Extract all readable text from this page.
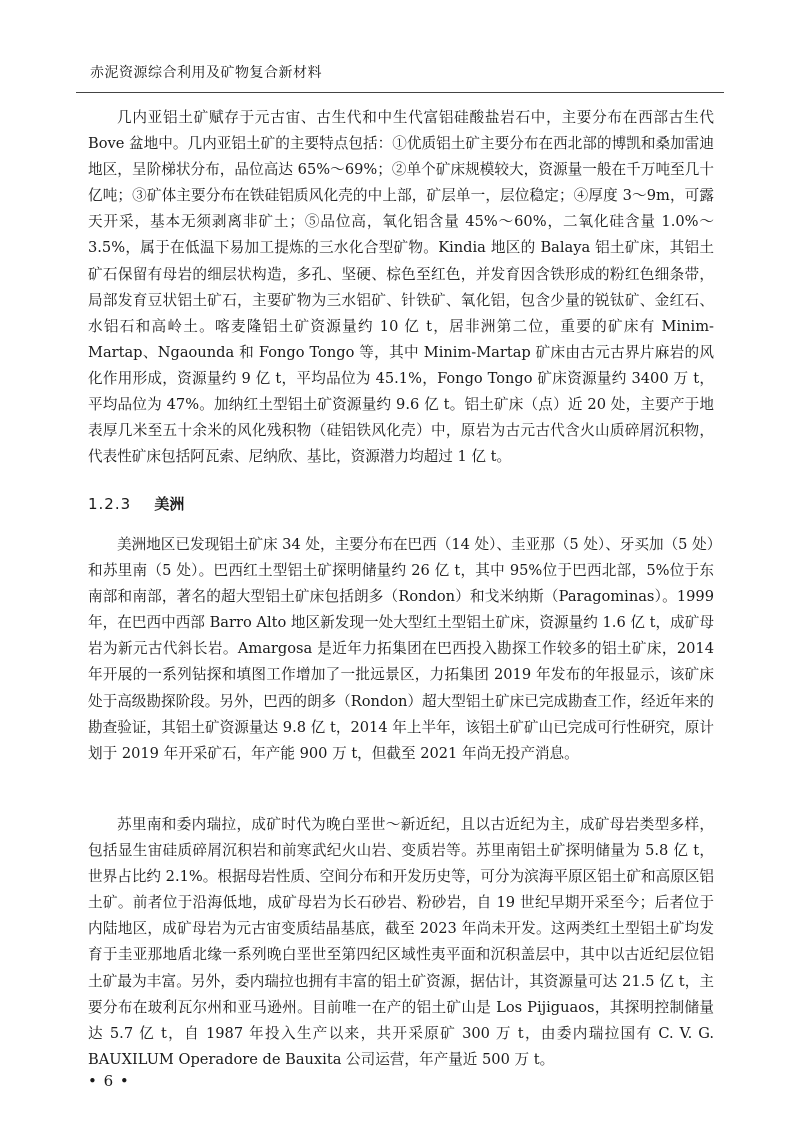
赤泥资源综合利用及矿物复合新材料

几内亚铝土矿赋存于元古宙、古生代和中生代富铝硅酸盐岩石中，主要分布在西部古生代 Bove 盆地中。几内亚铝土矿的主要特点包括：①优质铝土矿主要分布在西北部的博凯和桑加雷迪地区，呈阶梯状分布，品位高达 65%～69%；②单个矿床规模较大，资源量一般在千万吨至几十亿吨；③矿体主要分布在铁硅铝质风化壳的中上部，矿层单一，层位稳定；④厚度 3～9m，可露天开采，基本无须剥离非矿土；⑤品位高，氧化铝含量 45%～60%，二氧化硅含量 1.0%～3.5%，属于在低温下易加工提炼的三水化合型矿物。Kindia 地区的 Balaya 铝土矿床，其铝土矿石保留有母岩的细层状构造，多孔、坚硬、棕色至红色，并发育因含铁形成的粉红色细条带，局部发育豆状铝土矿石，主要矿物为三水铝矿、针铁矿、氧化铝，包含少量的锐钛矿、金红石、水铝石和高岭土。喀麦隆铝土矿资源量约 10 亿 t，居非洲第二位，重要的矿床有 Minim-Martap、Ngaounda 和 Fongo Tongo 等，其中 Minim-Martap 矿床由古元古界片麻岩的风化作用形成，资源量约 9 亿 t，平均品位为 45.1%，Fongo Tongo 矿床资源量约 3400 万 t，平均品位为 47%。加纳红土型铝土矿资源量约 9.6 亿 t。铝土矿床（点）近 20 处，主要产于地表厚几米至五十余米的风化残积物（硅铝铁风化壳）中，原岩为古元古代含火山质碎屑沉积物，代表性矿床包括阿瓦索、尼纳欣、基比，资源潜力均超过 1 亿 t。

1.2.3 美洲

美洲地区已发现铝土矿床 34 处，主要分布在巴西（14 处）、圭亚那（5 处）、牙买加（5 处）和苏里南（5 处）。巴西红土型铝土矿探明储量约 26 亿 t，其中 95%位于巴西北部，5%位于东南部和南部，著名的超大型铝土矿床包括朗多（Rondon）和戈米纳斯（Paragominas）。1999 年，在巴西中西部 Barro Alto 地区新发现一处大型红土型铝土矿床，资源量约 1.6 亿 t，成矿母岩为新元古代斜长岩。Amargosa 是近年力拓集团在巴西投入勘探工作较多的铝土矿床，2014 年开展的一系列钻探和填图工作增加了一批远景区，力拓集团 2019 年发布的年报显示，该矿床处于高级勘探阶段。另外，巴西的朗多（Rondon）超大型铝土矿床已完成勘查工作，经近年来的勘查验证，其铝土矿资源量达 9.8 亿 t，2014 年上半年，该铝土矿矿山已完成可行性研究，原计划于 2019 年开采矿石，年产能 900 万 t，但截至 2021 年尚无投产消息。

苏里南和委内瑞拉，成矿时代为晚白垩世～新近纪，且以古近纪为主，成矿母岩类型多样，包括显生宙硅质碎屑沉积岩和前寒武纪火山岩、变质岩等。苏里南铝土矿探明储量为 5.8 亿 t，世界占比约 2.1%。根据母岩性质、空间分布和开发历史等，可分为滨海平原区铝土矿和高原区铝土矿。前者位于沿海低地，成矿母岩为长石砂岩、粉砂岩，自 19 世纪早期开采至今；后者位于内陆地区，成矿母岩为元古宙变质结晶基底，截至 2023 年尚未开发。这两类红土型铝土矿均发育于圭亚那地盾北缘一系列晚白垩世至第四纪区域性夷平面和沉积盖层中，其中以古近纪层位铝土矿最为丰富。另外，委内瑞拉也拥有丰富的铝土矿资源，据估计，其资源量可达 21.5 亿 t，主要分布在玻利瓦尔州和亚马逊州。目前唯一在产的铝土矿山是 Los Pijiguaos，其探明控制储量达 5.7 亿 t，自 1987 年投入生产以来，共开采原矿 300 万 t，由委内瑞拉国有 C. V. G. BAUXILUM Operadore de Bauxita 公司运营，年产量近 500 万 t。

• 6 •
